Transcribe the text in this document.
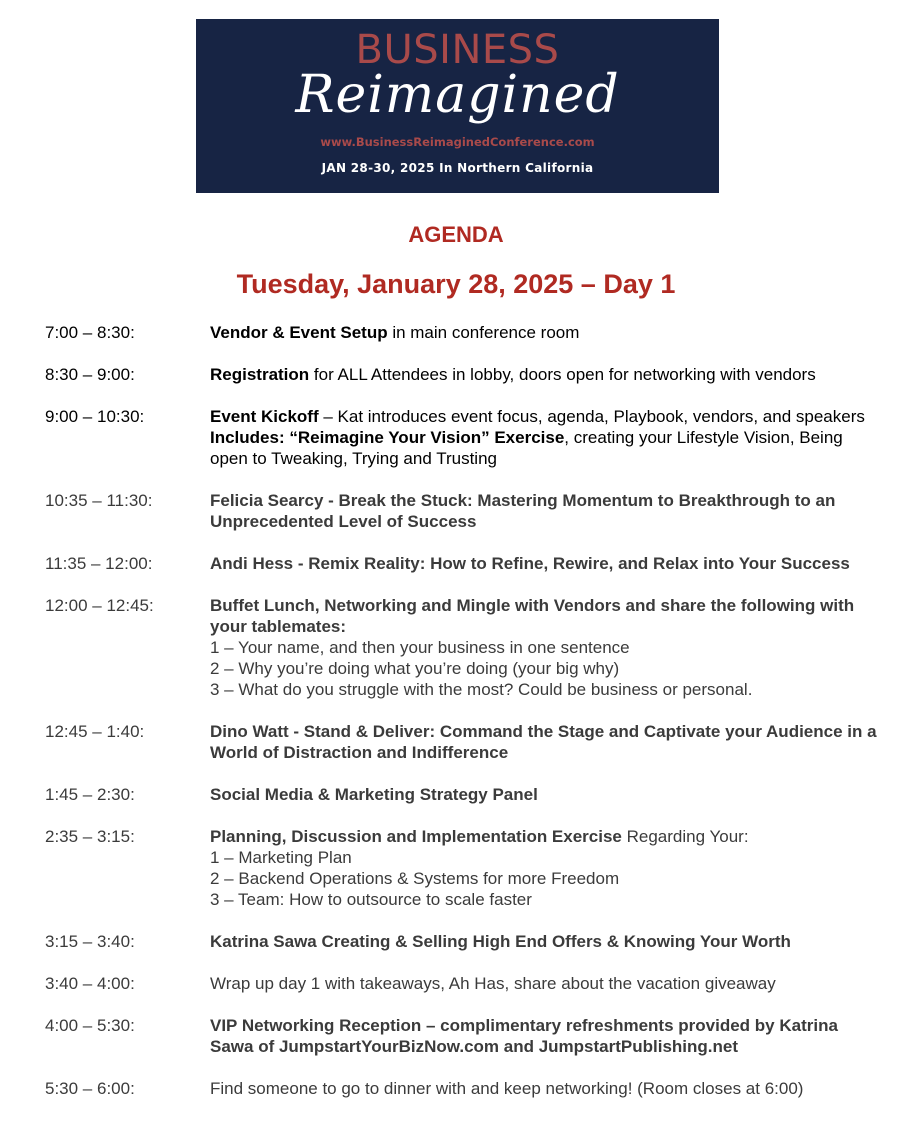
BUSINESS
Reimagined
www.BusinessReimaginedConference.com
JAN 28-30, 2025 In Northern California
AGENDA
Tuesday, January 28, 2025 – Day 1
7:00 – 8:30:	Vendor & Event Setup in main conference room
8:30 – 9:00:	Registration for ALL Attendees in lobby, doors open for networking with vendors
9:00 – 10:30:	Event Kickoff – Kat introduces event focus, agenda, Playbook, vendors, and speakers Includes: “Reimagine Your Vision” Exercise, creating your Lifestyle Vision, Being open to Tweaking, Trying and Trusting
10:35 – 11:30:	Felicia Searcy - Break the Stuck: Mastering Momentum to Breakthrough to an Unprecedented Level of Success
11:35 – 12:00:	Andi Hess - Remix Reality: How to Refine, Rewire, and Relax into Your Success
12:00 – 12:45:	Buffet Lunch, Networking and Mingle with Vendors and share the following with your tablemates:
1 – Your name, and then your business in one sentence
2 – Why you’re doing what you’re doing (your big why)
3 – What do you struggle with the most? Could be business or personal.
12:45 – 1:40:	Dino Watt - Stand & Deliver: Command the Stage and Captivate your Audience in a World of Distraction and Indifference
1:45 – 2:30:	Social Media & Marketing Strategy Panel
2:35 – 3:15:	Planning, Discussion and Implementation Exercise Regarding Your:
1 – Marketing Plan
2 – Backend Operations & Systems for more Freedom
3 – Team: How to outsource to scale faster
3:15 – 3:40:	Katrina Sawa Creating & Selling High End Offers & Knowing Your Worth
3:40 – 4:00:	Wrap up day 1 with takeaways, Ah Has, share about the vacation giveaway
4:00 – 5:30:	VIP Networking Reception – complimentary refreshments provided by Katrina Sawa of JumpstartYourBizNow.com and JumpstartPublishing.net
5:30 – 6:00:	Find someone to go to dinner with and keep networking! (Room closes at 6:00)
